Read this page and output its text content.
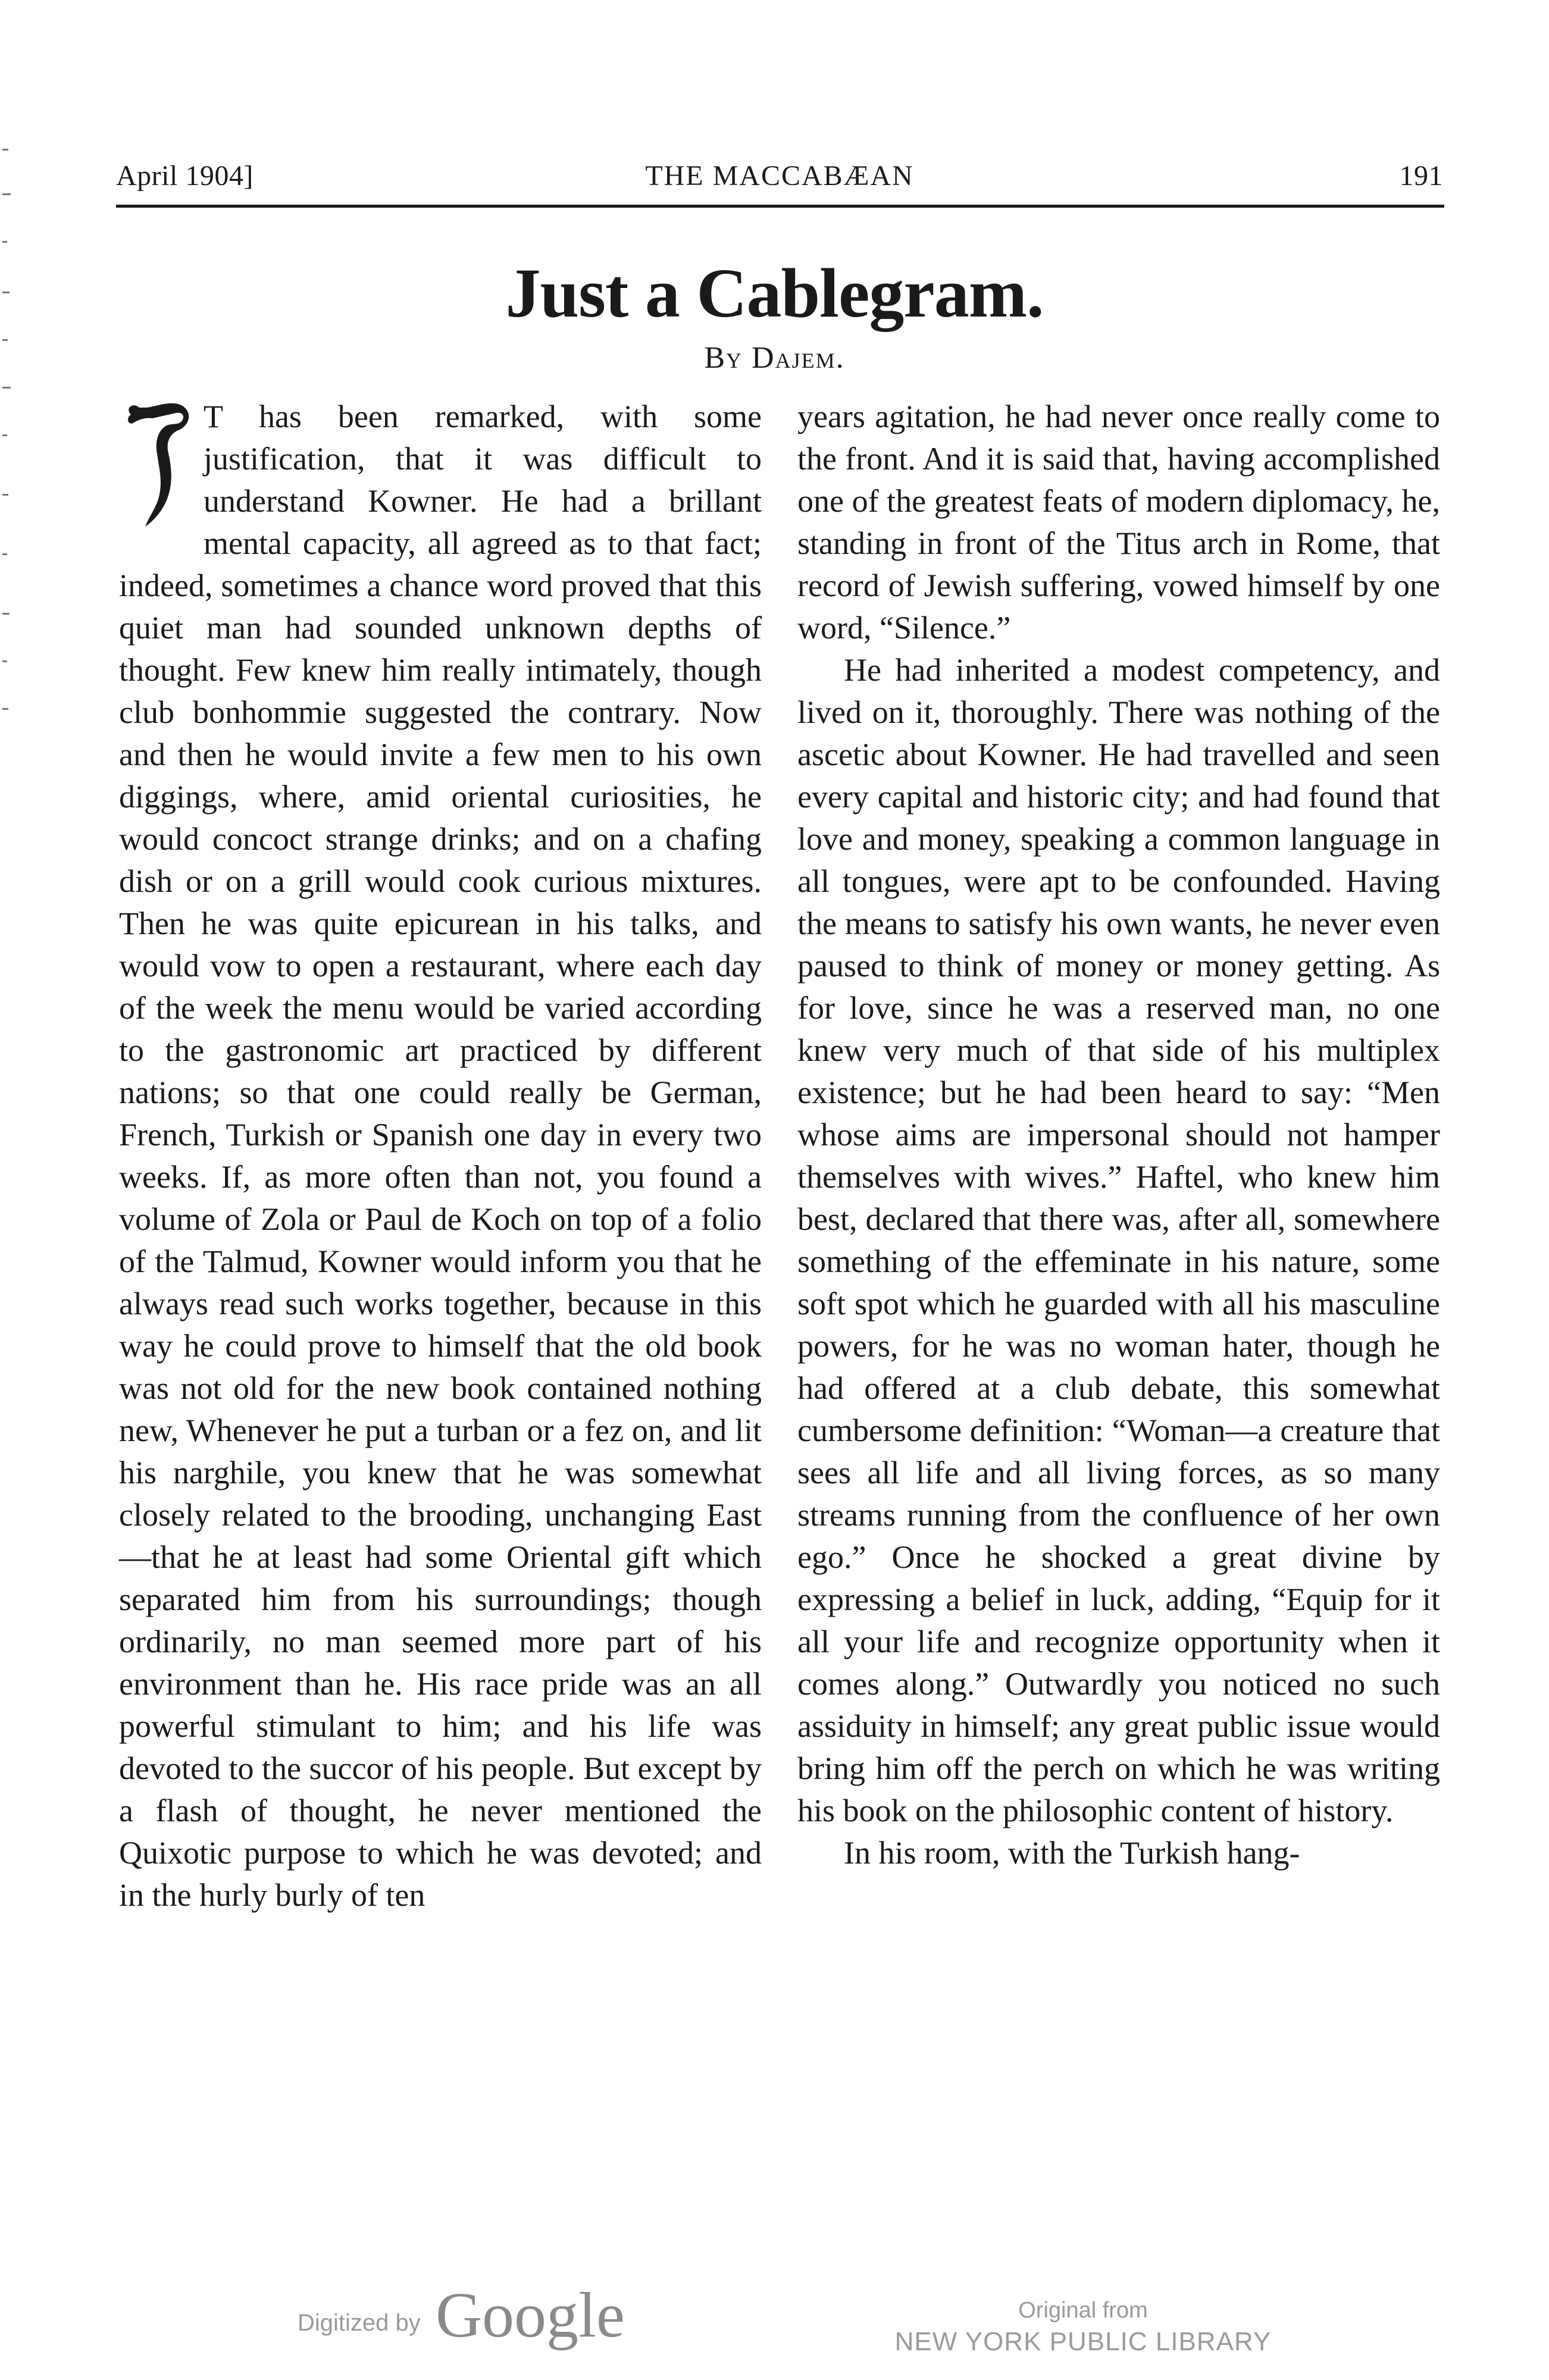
April 1904]	THE MACCABÆAN	191
Just a Cablegram.
By Dajem.

T has been remarked, with some justification, that it was difficult to understand Kowner. He had a brillant mental capacity, all agreed as to that fact; indeed, sometimes a chance word proved that this quiet man had sounded unknown depths of thought. Few knew him really intimately, though club bonhommie suggested the contrary. Now and then he would invite a few men to his own diggings, where, amid oriental curiosities, he would concoct strange drinks; and on a chafing dish or on a grill would cook curious mixtures. Then he was quite epicurean in his talks, and would vow to open a restaurant, where each day of the week the menu would be varied according to the gastronomic art practiced by different nations; so that one could really be German, French, Turkish or Spanish one day in every two weeks. If, as more often than not, you found a volume of Zola or Paul de Koch on top of a folio of the Talmud, Kowner would inform you that he always read such works together, because in this way he could prove to himself that the old book was not old for the new book contained nothing new, Whenever he put a turban or a fez on, and lit his narghile, you knew that he was somewhat closely related to the brooding, unchanging East —that he at least had some Oriental gift which separated him from his surroundings; though ordinarily, no man seemed more part of his environment than he. His race pride was an all powerful stimulant to him; and his life was devoted to the succor of his people. But except by a flash of thought, he never mentioned the Quixotic purpose to which he was devoted; and in the hurly burly of ten

years agitation, he had never once really come to the front. And it is said that, having accomplished one of the greatest feats of modern diplomacy, he, standing in front of the Titus arch in Rome, that record of Jewish suffering, vowed himself by one word, “Silence.”

He had inherited a modest competency, and lived on it, thoroughly. There was nothing of the ascetic about Kowner. He had travelled and seen every capital and historic city; and had found that love and money, speaking a common language in all tongues, were apt to be confounded. Having the means to satisfy his own wants, he never even paused to think of money or money getting. As for love, since he was a reserved man, no one knew very much of that side of his multiplex existence; but he had been heard to say: “Men whose aims are impersonal should not hamper themselves with wives.” Haftel, who knew him best, declared that there was, after all, somewhere something of the effeminate in his nature, some soft spot which he guarded with all his masculine powers, for he was no woman hater, though he had offered at a club debate, this somewhat cumbersome definition: “Woman—a creature that sees all life and all living forces, as so many streams running from the confluence of her own ego.” Once he shocked a great divine by expressing a belief in luck, adding, “Equip for it all your life and recognize opportunity when it comes along.” Outwardly you noticed no such assiduity in himself; any great public issue would bring him off the perch on which he was writing his book on the philosophic content of history.

In his room, with the Turkish hang-

Digitized by Google	Original from
NEW YORK PUBLIC LIBRARY
